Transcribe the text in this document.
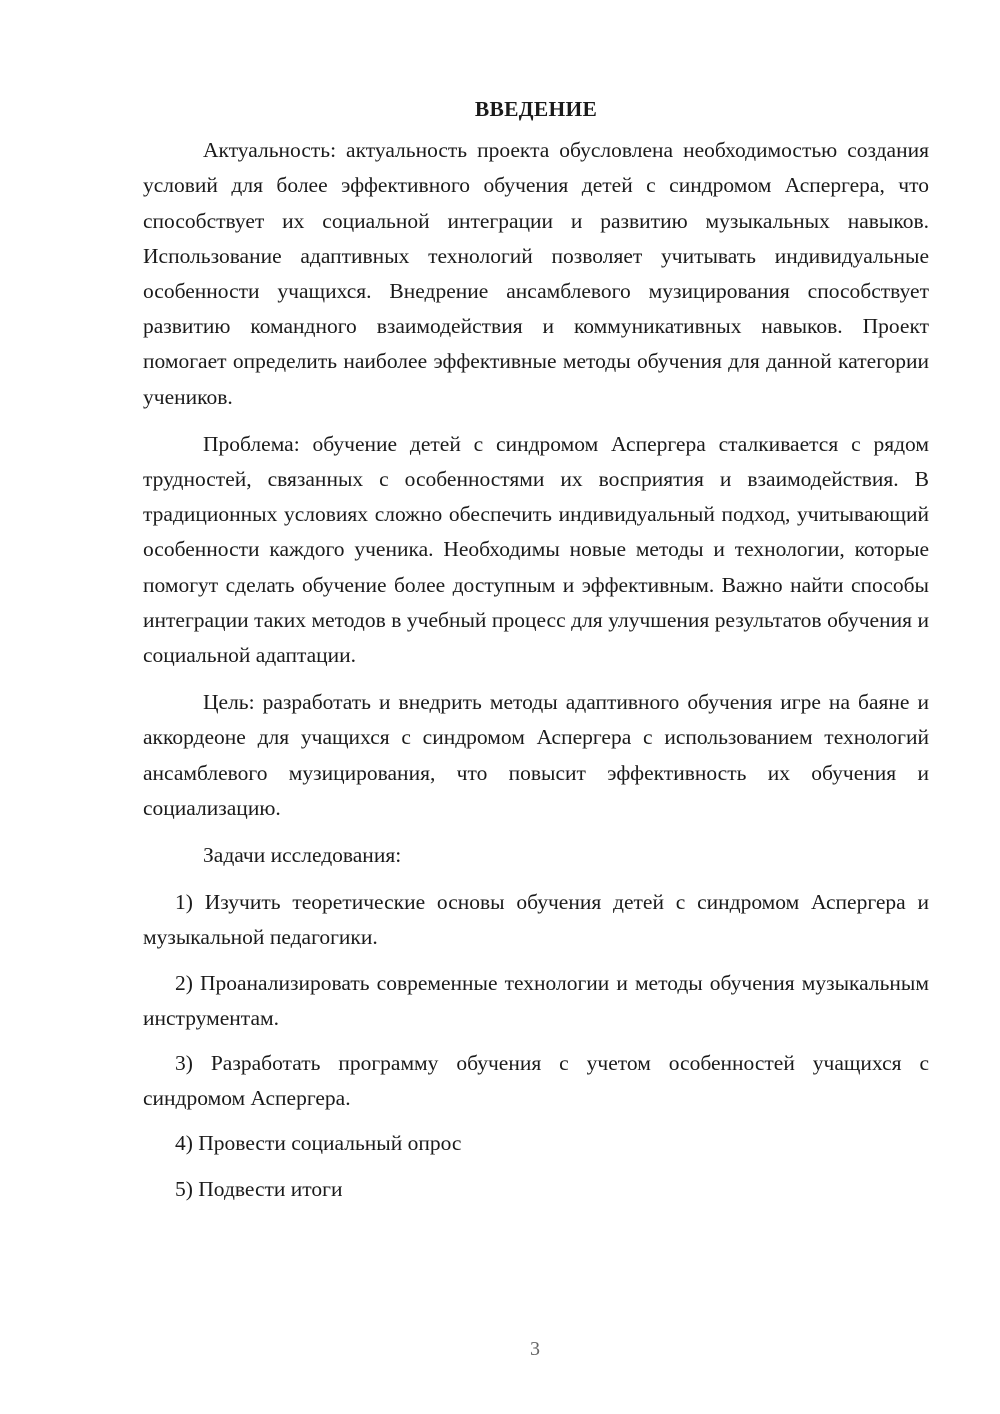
ВВЕДЕНИЕ

Актуальность: актуальность проекта обусловлена необходимостью создания условий для более эффективного обучения детей с синдромом Аспергера, что способствует их социальной интеграции и развитию музыкальных навыков. Использование адаптивных технологий позволяет учитывать индивидуальные особенности учащихся. Внедрение ансамблевого музицирования способствует развитию командного взаимодействия и коммуникативных навыков. Проект помогает определить наиболее эффективные методы обучения для данной категории учеников.

Проблема: обучение детей с синдромом Аспергера сталкивается с рядом трудностей, связанных с особенностями их восприятия и взаимодействия. В традиционных условиях сложно обеспечить индивидуальный подход, учитывающий особенности каждого ученика. Необходимы новые методы и технологии, которые помогут сделать обучение более доступным и эффективным. Важно найти способы интеграции таких методов в учебный процесс для улучшения результатов обучения и социальной адаптации.

Цель: разработать и внедрить методы адаптивного обучения игре на баяне и аккордеоне для учащихся с синдромом Аспергера с использованием технологий ансамблевого музицирования, что повысит эффективность их обучения и социализацию.

Задачи исследования:

1) Изучить теоретические основы обучения детей с синдромом Аспергера и музыкальной педагогики.

2) Проанализировать современные технологии и методы обучения музыкальным инструментам.

3) Разработать программу обучения с учетом особенностей учащихся с синдромом Аспергера.

4) Провести социальный опрос

5) Подвести итоги

3
